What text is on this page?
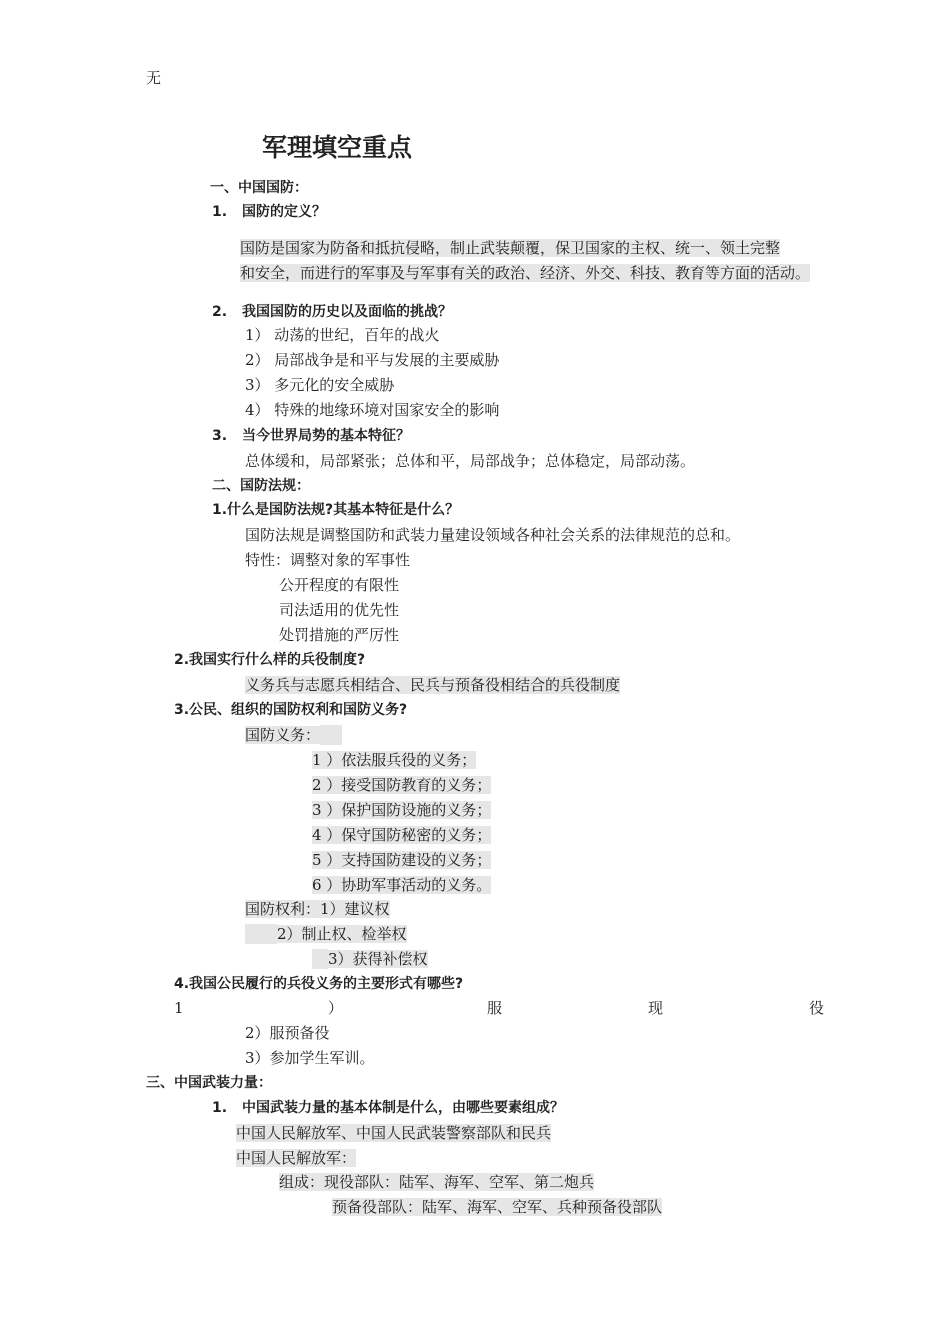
无
军理填空重点
一、中国国防：
1. 国防的定义？
国防是国家为防备和抵抗侵略，制止武装颠覆，保卫国家的主权、统一、领土完整
和安全，而进行的军事及与军事有关的政治、经济、外交、科技、教育等方面的活动。
2. 我国国防的历史以及面临的挑战？
1） 动荡的世纪，百年的战火
2） 局部战争是和平与发展的主要威胁
3） 多元化的安全威胁
4） 特殊的地缘环境对国家安全的影响
3. 当今世界局势的基本特征？
总体缓和，局部紧张；总体和平，局部战争；总体稳定，局部动荡。
二、国防法规：
1.什么是国防法规?其基本特征是什么？
国防法规是调整国防和武装力量建设领域各种社会关系的法律规范的总和。
特性：调整对象的军事性
公开程度的有限性
司法适用的优先性
处罚措施的严厉性
2.我国实行什么样的兵役制度?
义务兵与志愿兵相结合、民兵与预备役相结合的兵役制度
3.公民、组织的国防权利和国防义务?
国防义务：
1 ）依法服兵役的义务；
2 ）接受国防教育的义务；
3 ）保护国防设施的义务；
4 ）保守国防秘密的义务；
5 ）支持国防建设的义务；
6 ）协助军事活动的义务。
国防权利：1）建议权
2）制止权、检举权
3）获得补偿权
4.我国公民履行的兵役义务的主要形式有哪些?
1	）	服	现	役
2）服预备役
3）参加学生军训。
三、中国武装力量：
1. 中国武装力量的基本体制是什么，由哪些要素组成？
中国人民解放军、中国人民武装警察部队和民兵
中国人民解放军：
组成：现役部队：陆军、海军、空军、第二炮兵
预备役部队：陆军、海军、空军、兵种预备役部队
